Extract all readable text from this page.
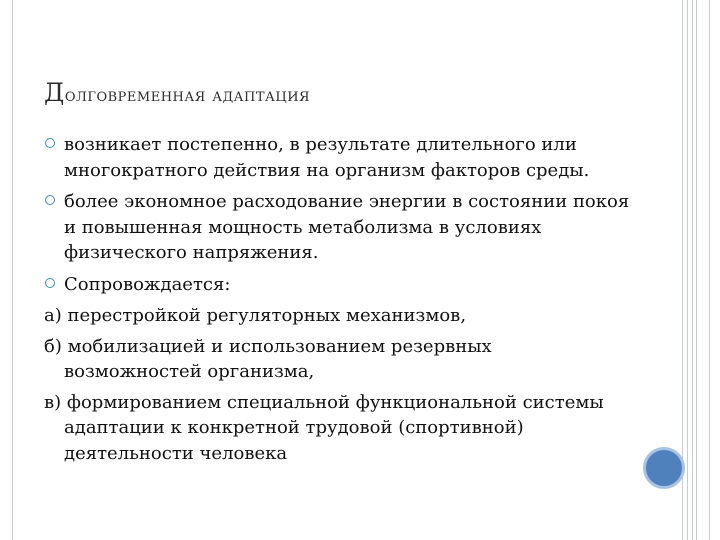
Долговременная адаптация
возникает постепенно, в результате длительного или многократного действия на организм факторов среды.
более экономное расходование энергии в состоянии покоя и повышенная мощность метаболизма в условиях физического напряжения.
Сопровождается:
а) перестройкой регуляторных механизмов,
б) мобилизацией и использованием резервных возможностей организма,
в) формированием специальной функциональной системы адаптации к конкретной трудовой (спортивной) деятельности человека
